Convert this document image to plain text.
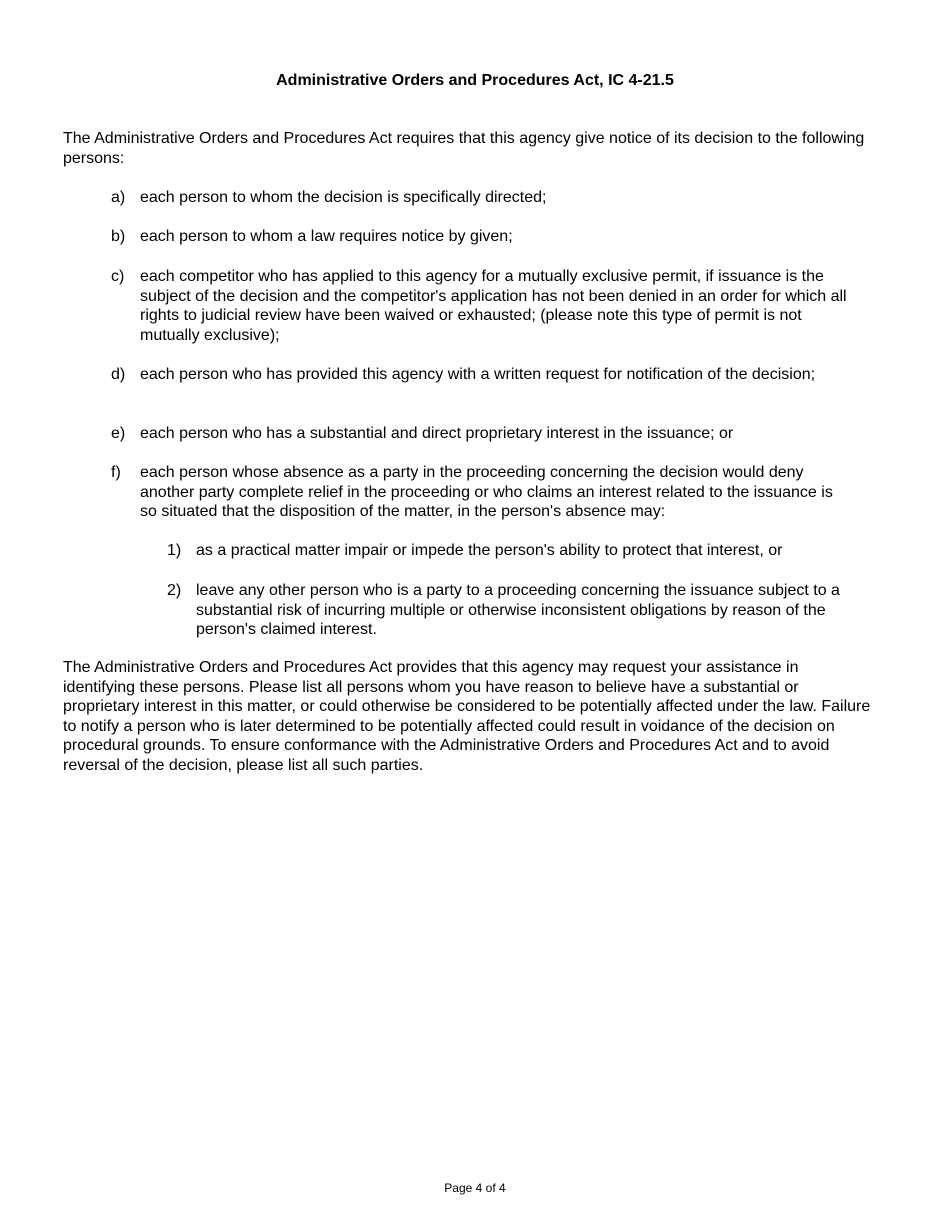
Administrative Orders and Procedures Act, IC 4-21.5

The Administrative Orders and Procedures Act requires that this agency give notice of its decision to the following persons:

a) each person to whom the decision is specifically directed;
b) each person to whom a law requires notice by given;
c) each competitor who has applied to this agency for a mutually exclusive permit, if issuance is the subject of the decision and the competitor's application has not been denied in an order for which all rights to judicial review have been waived or exhausted; (please note this type of permit is not mutually exclusive);
d) each person who has provided this agency with a written request for notification of the decision;
e) each person who has a substantial and direct proprietary interest in the issuance; or
f)	each person whose absence as a party in the proceeding concerning the decision would deny another party complete relief in the proceeding or who claims an interest related to the issuance is so situated that the disposition of the matter, in the person's absence may:
1) as a practical matter impair or impede the person's ability to protect that interest, or
2) leave any other person who is a party to a proceeding concerning the issuance subject to a substantial risk of incurring multiple or otherwise inconsistent obligations by reason of the person's claimed interest.

The Administrative Orders and Procedures Act provides that this agency may request your assistance in identifying these persons. Please list all persons whom you have reason to believe have a substantial or proprietary interest in this matter, or could otherwise be considered to be potentially affected under the law. Failure to notify a person who is later determined to be potentially affected could result in voidance of the decision on procedural grounds. To ensure conformance with the Administrative Orders and Procedures Act and to avoid reversal of the decision, please list all such parties.

Page 4 of 4
